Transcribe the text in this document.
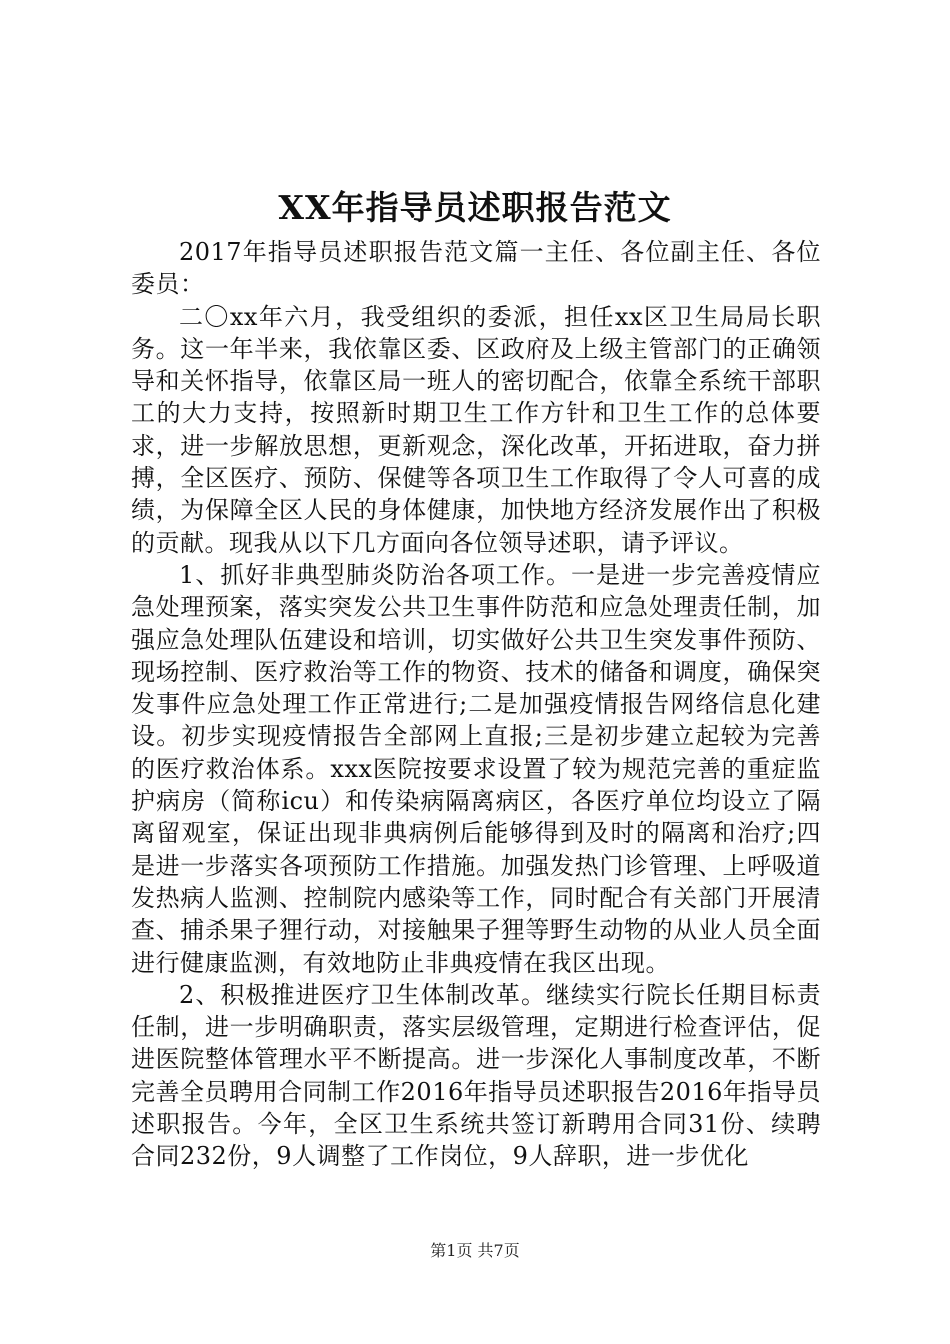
XX年指导员述职报告范文

2017年指导员述职报告范文篇一主任、各位副主任、各位委员：

二〇xx年六月，我受组织的委派，担任xx区卫生局局长职务。这一年半来，我依靠区委、区政府及上级主管部门的正确领导和关怀指导，依靠区局一班人的密切配合，依靠全系统干部职工的大力支持，按照新时期卫生工作方针和卫生工作的总体要求，进一步解放思想，更新观念，深化改革，开拓进取，奋力拼搏，全区医疗、预防、保健等各项卫生工作取得了令人可喜的成绩，为保障全区人民的身体健康，加快地方经济发展作出了积极的贡献。现我从以下几方面向各位领导述职，请予评议。

1、抓好非典型肺炎防治各项工作。一是进一步完善疫情应急处理预案，落实突发公共卫生事件防范和应急处理责任制，加强应急处理队伍建设和培训，切实做好公共卫生突发事件预防、现场控制、医疗救治等工作的物资、技术的储备和调度，确保突发事件应急处理工作正常进行;二是加强疫情报告网络信息化建设。初步实现疫情报告全部网上直报;三是初步建立起较为完善的医疗救治体系。xxx医院按要求设置了较为规范完善的重症监护病房（简称icu）和传染病隔离病区，各医疗单位均设立了隔离留观室，保证出现非典病例后能够得到及时的隔离和治疗;四是进一步落实各项预防工作措施。加强发热门诊管理、上呼吸道发热病人监测、控制院内感染等工作，同时配合有关部门开展清查、捕杀果子狸行动，对接触果子狸等野生动物的从业人员全面进行健康监测，有效地防止非典疫情在我区出现。

2、积极推进医疗卫生体制改革。继续实行院长任期目标责任制，进一步明确职责，落实层级管理，定期进行检查评估，促进医院整体管理水平不断提高。进一步深化人事制度改革，不断完善全员聘用合同制工作2016年指导员述职报告2016年指导员述职报告。今年，全区卫生系统共签订新聘用合同31份、续聘合同232份，9人调整了工作岗位，9人辞职，进一步优化

第1页 共7页
